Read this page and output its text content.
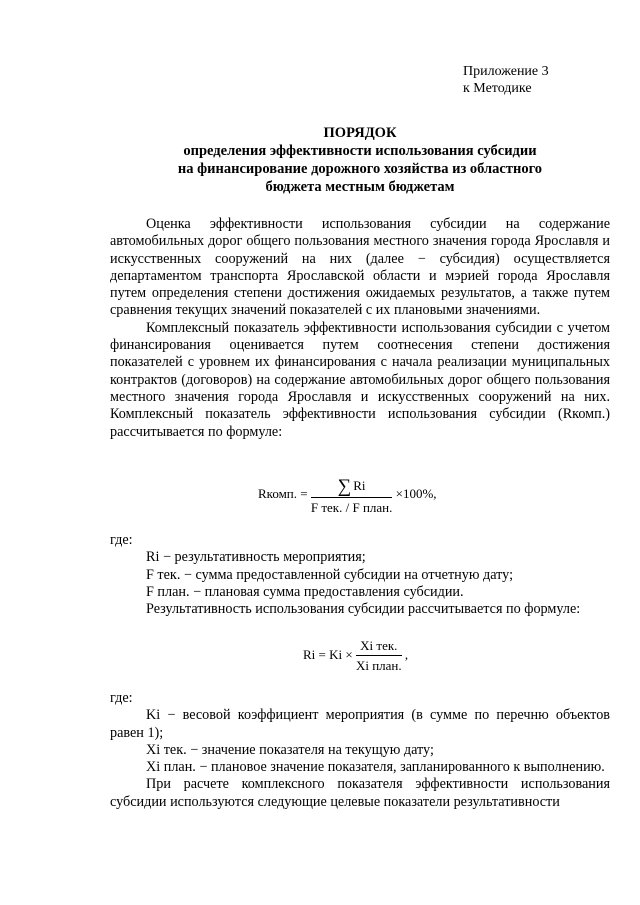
Приложение 3
к Методике
ПОРЯДОК
определения эффективности использования субсидии
на финансирование дорожного хозяйства из областного
бюджета местным бюджетам

Оценка эффективности использования субсидии на содержание автомобильных дорог общего пользования местного значения города Ярославля и искусственных сооружений на них (далее − субсидия) осуществляется департаментом транспорта Ярославской области и мэрией города Ярославля путем определения степени достижения ожидаемых результатов, а также путем сравнения текущих значений показателей с их плановыми значениями.

Комплексный показатель эффективности использования субсидии с учетом финансирования оценивается путем соотнесения степени достижения показателей с уровнем их финансирования с начала реализации муниципальных контрактов (договоров) на содержание автомобильных дорог общего пользования местного значения города Ярославля и искусственных сооружений на них. Комплексный показатель эффективности использования субсидии (Rкомп.) рассчитывается по формуле:

Rкомп. = $\frac{\sum Ri}{\text{F тек. / F план.}} \times 100\%$,

где:

Ri − результативность мероприятия;

F тек. − сумма предоставленной субсидии на отчетную дату;

F план. − плановая сумма предоставления субсидии.

Результативность использования субсидии рассчитывается по формуле:

$Ri = Ki \times \frac{\text{Xi тек.}}{\text{Xi план.}}$ ,

где:

Ki − весовой коэффициент мероприятия (в сумме по перечню объектов равен 1);

Xi тек. − значение показателя на текущую дату;

Xi план. − плановое значение показателя, запланированного к выполнению.

При расчете комплексного показателя эффективности использования субсидии используются следующие целевые показатели результативности
